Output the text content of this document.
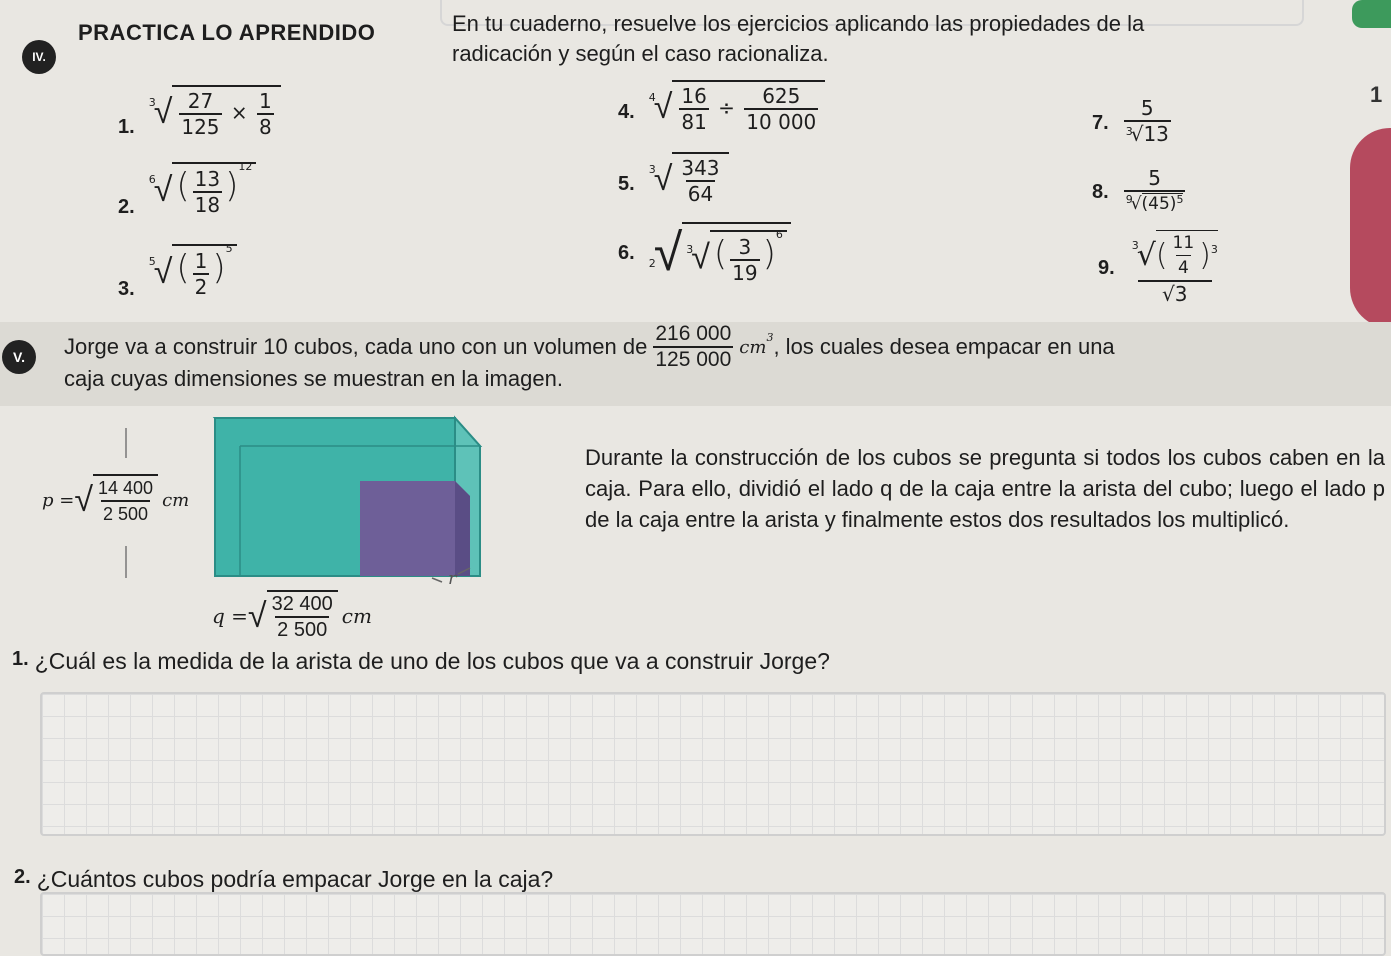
IV.
PRACTICA LO APRENDIDO	En tu cuaderno, resuelve los ejercicios aplicando las propiedades de la
radicación y según el caso racionaliza.
1
1.
3
√ $\frac{27}{125} \times \frac{1}{8}$
2.
6
√ ( $\frac{13}{18} )^{12}$
3.
5
√ ( $\frac{1}{2} )^5$
4.
4
√ $\frac{16}{81} \div \frac{625}{10 000}$
5.
3
√ $\frac{343}{64}$
6. 2
√ $^3$√ ( $\frac{3}{19} )^6$
7. $\frac{5}{^3√13}$
8. $\frac{5}{^9√(45)^5}$
9. 3
√ ( $\frac{11}{4}$ ) 3
√3
V.	Jorge va a construir 10 cubos, cada uno con un volumen de $\frac{216 000}{125 000} cm^3$ , los cuales desea empacar en una
caja cuyas dimensiones se muestran en la imagen.
r
p = √ $\frac{14 400}{2 500}$ cm
q = √ $\frac{32 400}{2 500}$ cm
Durante la construcción de los cubos se pregunta si todos los cubos caben en la caja. Para ello, dividió el lado q de la caja entre la arista del cubo; luego el lado p de la caja entre la arista y finalmente estos dos resultados los multiplicó.
1. ¿Cuál es la medida de la arista de uno de los cubos que va a construir Jorge?
2. ¿Cuántos cubos podría empacar Jorge en la caja?
